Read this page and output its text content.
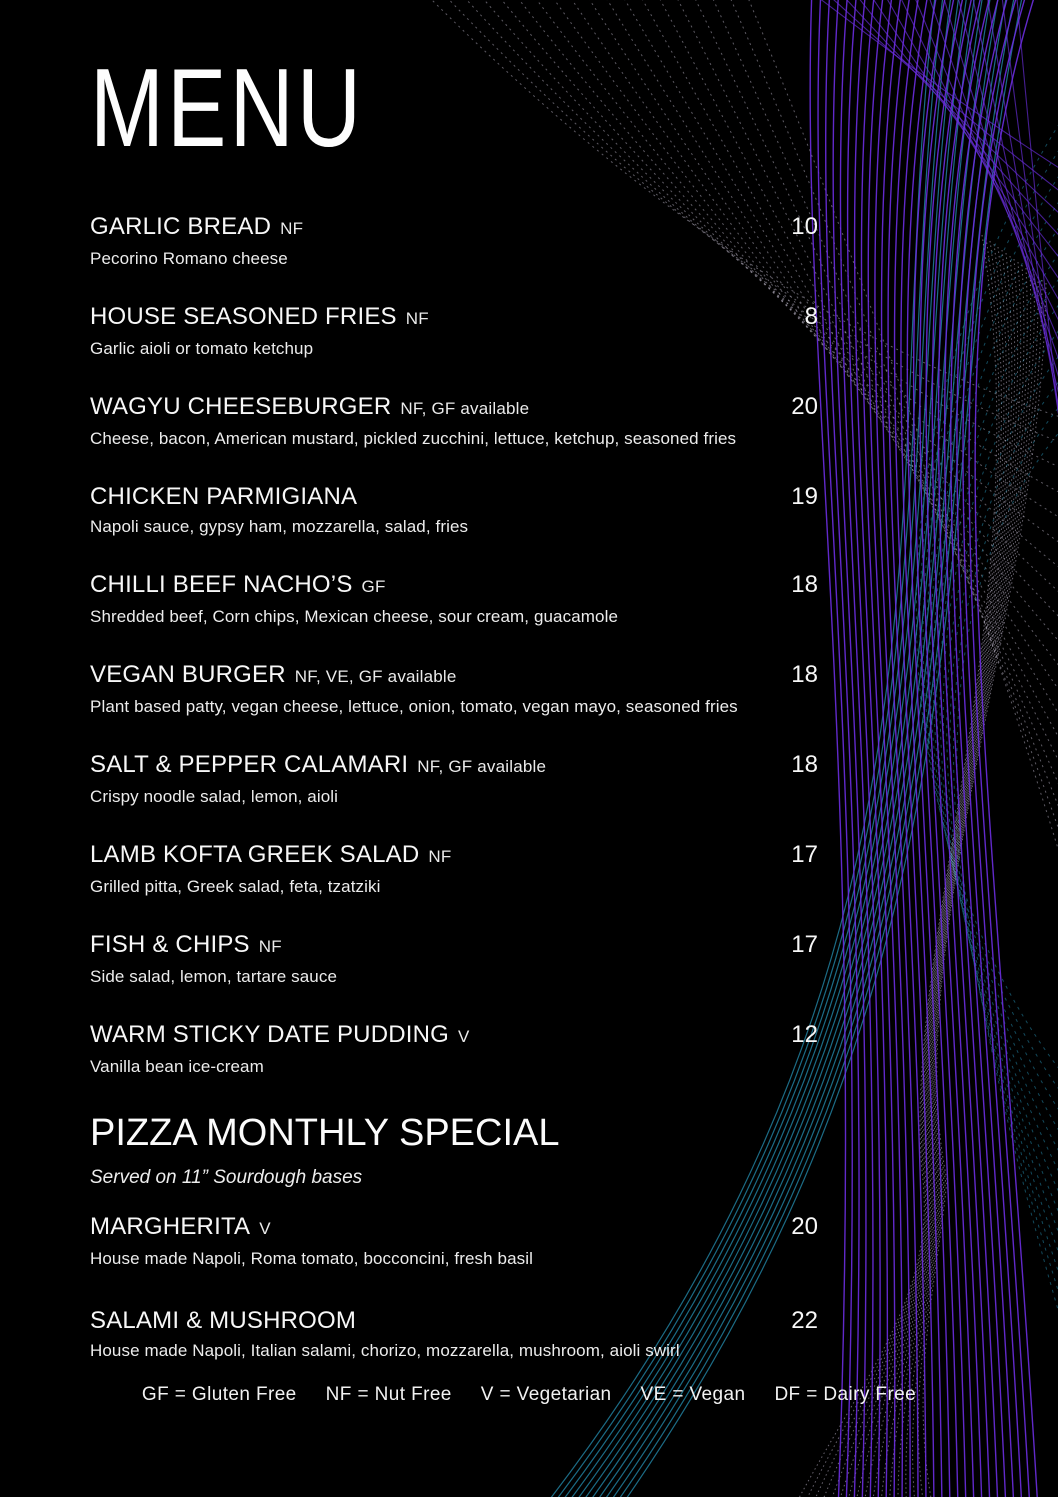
MENU
GARLIC BREAD NF	10
Pecorino Romano cheese
HOUSE SEASONED FRIES NF	8
Garlic aioli or tomato ketchup
WAGYU CHEESEBURGER NF, GF available	20
Cheese, bacon, American mustard, pickled zucchini, lettuce, ketchup, seasoned fries
CHICKEN PARMIGIANA	19
Napoli sauce, gypsy ham, mozzarella, salad, fries
CHILLI BEEF NACHO’S GF	18
Shredded beef, Corn chips, Mexican cheese, sour cream, guacamole
VEGAN BURGER NF, VE, GF available	18
Plant based patty, vegan cheese, lettuce, onion, tomato, vegan mayo, seasoned fries
SALT & PEPPER CALAMARI NF, GF available	18
Crispy noodle salad, lemon, aioli
LAMB KOFTA GREEK SALAD NF	17
Grilled pitta, Greek salad, feta, tzatziki
FISH & CHIPS NF	17
Side salad, lemon, tartare sauce
WARM STICKY DATE PUDDING V	12
Vanilla bean ice-cream
PIZZA MONTHLY SPECIAL

Served on 11” Sourdough bases

MARGHERITA V	20
House made Napoli, Roma tomato, bocconcini, fresh basil
SALAMI & MUSHROOM	22
House made Napoli, Italian salami, chorizo, mozzarella, mushroom, aioli swirl
GF = Gluten Free NF = Nut Free V = Vegetarian VE = Vegan DF = Dairy Free
